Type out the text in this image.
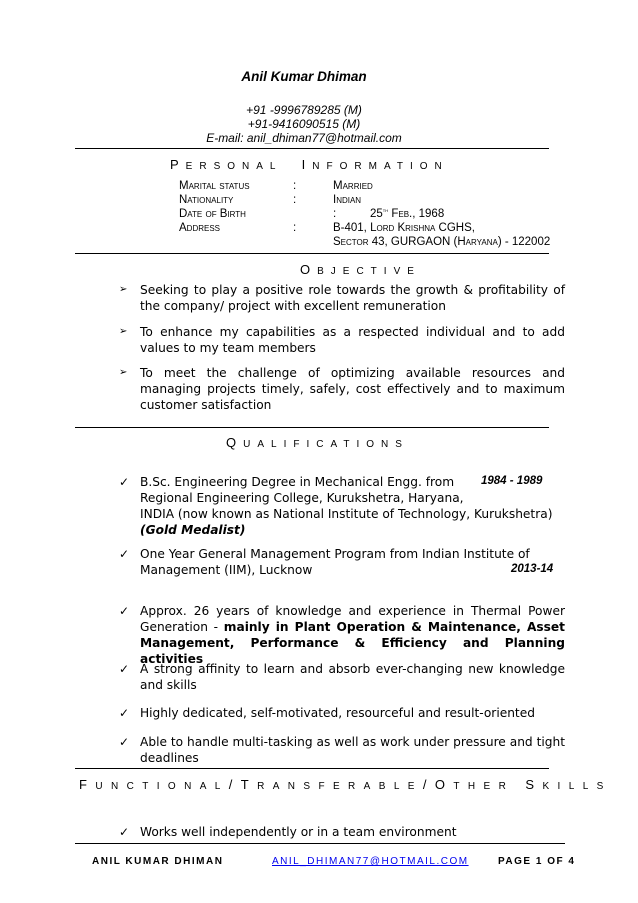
Anil Kumar Dhiman
+91 -9996789285 (M)
+91-9416090515 (M)
E-mail: anil_dhiman77@hotmail.com
PERSONAL INFORMATION
Marital status	:	Married
Nationality	:	Indian
Date of Birth	:	25th Feb., 1968
Address	:	B-401, Lord Krishna CGHS,
Sector 43, GURGAON (Haryana) - 122002
OBJECTIVE
➢ Seeking to play a positive role towards the growth & profitability of the company/ project with excellent remuneration
➢ To enhance my capabilities as a respected individual and to add values to my team members
➢ To meet the challenge of optimizing available resources and managing projects timely, safely, cost effectively and to maximum customer satisfaction
QUALIFICATIONS
✓ B.Sc. Engineering Degree in Mechanical Engg. from
Regional Engineering College, Kurukshetra, Haryana,
INDIA (now known as National Institute of Technology, Kurukshetra)
(Gold Medalist)
1984 - 1989
✓ One Year General Management Program from Indian Institute of
Management (IIM), Lucknow	2013-14
✓ Approx. 26 years of knowledge and experience in Thermal Power Generation - mainly in Plant Operation & Maintenance, Asset Management, Performance & Efficiency and Planning activities
✓ A strong affinity to learn and absorb ever-changing new knowledge and skills
✓ Highly dedicated, self-motivated, resourceful and result-oriented
✓ Able to handle multi-tasking as well as work under pressure and tight deadlines
FUNCTIONAL/TRANSFERABLE/OTHER SKILLS
✓ Works well independently or in a team environment
ANIL KUMAR DHIMAN	ANIL_DHIMAN77@HOTMAIL.COM	PAGE 1 OF 4
